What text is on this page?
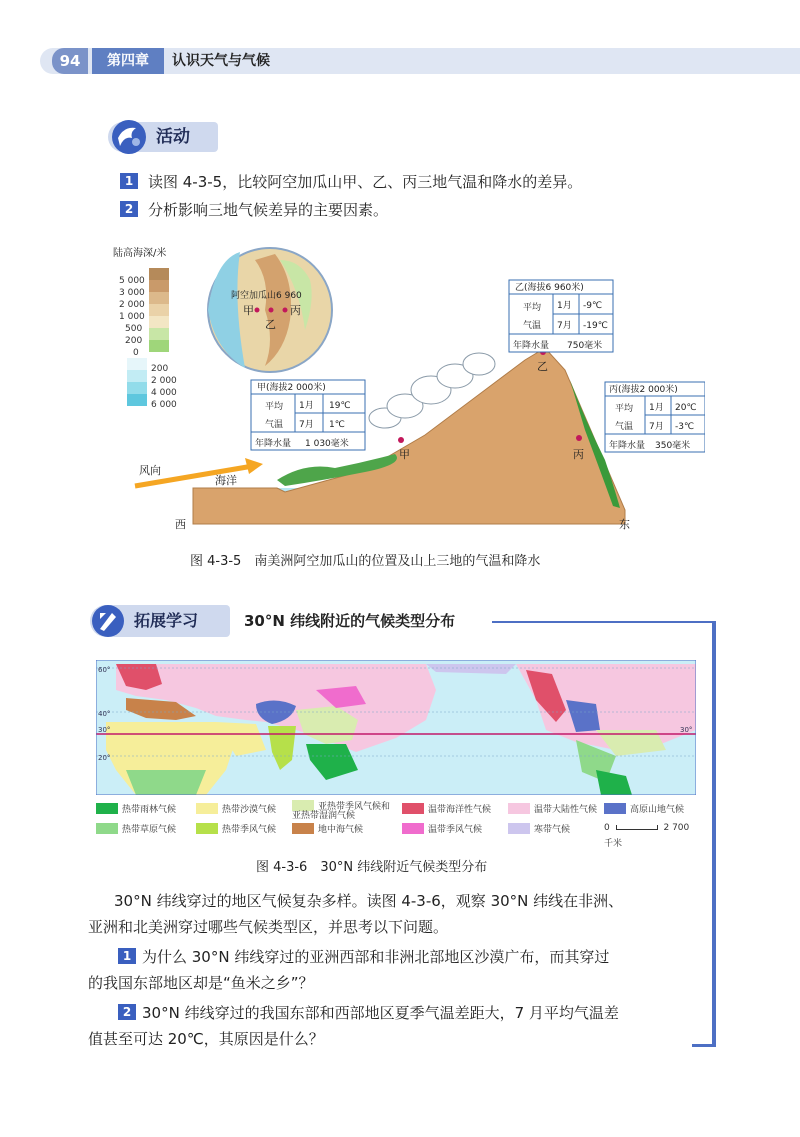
94	第四章	认识天气与气候
活动
1 读图 4-3-5，比较阿空加瓜山甲、乙、丙三地气温和降水的差异。
2 分析影响三地气候差异的主要因素。
陆高海深/米
5 000
3 000
2 000
1 000
500
200
0
200
2 000
4 000
6 000
阿空加瓜山6 960
甲
乙
丙
风向
海洋
西	东
乙
甲	丙
乙(海拔6 960米)
平均
气温
1月 -9℃
7月 -19℃
年降水量 750毫米
甲(海拔2 000米)
平均
气温
1月 19℃
7月 1℃
年降水量 1 030毫米
丙(海拔2 000米)
平均
气温
1月 20℃
7月 -3℃
年降水量 350毫米
图 4-3-5　南美洲阿空加瓜山的位置及山上三地的气温和降水
拓展学习	30°N 纬线附近的气候类型分布
60°
40°
30°
20°
30°
热带雨林气候	热带沙漠气候	亚热带季风气候和亚热带湿润气候
温带海洋性气候	温带大陆性气候	高原山地气候
热带草原气候	热带季风气候	地中海气候	温带季风气候	寒带气候	0	2 700千米
图 4-3-6　30°N 纬线附近气候类型分布
30°N 纬线穿过的地区气候复杂多样。读图 4-3-6，观察 30°N 纬线在非洲、
亚洲和北美洲穿过哪些气候类型区，并思考以下问题。
1 为什么 30°N 纬线穿过的亚洲西部和非洲北部地区沙漠广布，而其穿过
的我国东部地区却是“鱼米之乡”？
2 30°N 纬线穿过的我国东部和西部地区夏季气温差距大，7 月平均气温差
值甚至可达 20℃，其原因是什么？
